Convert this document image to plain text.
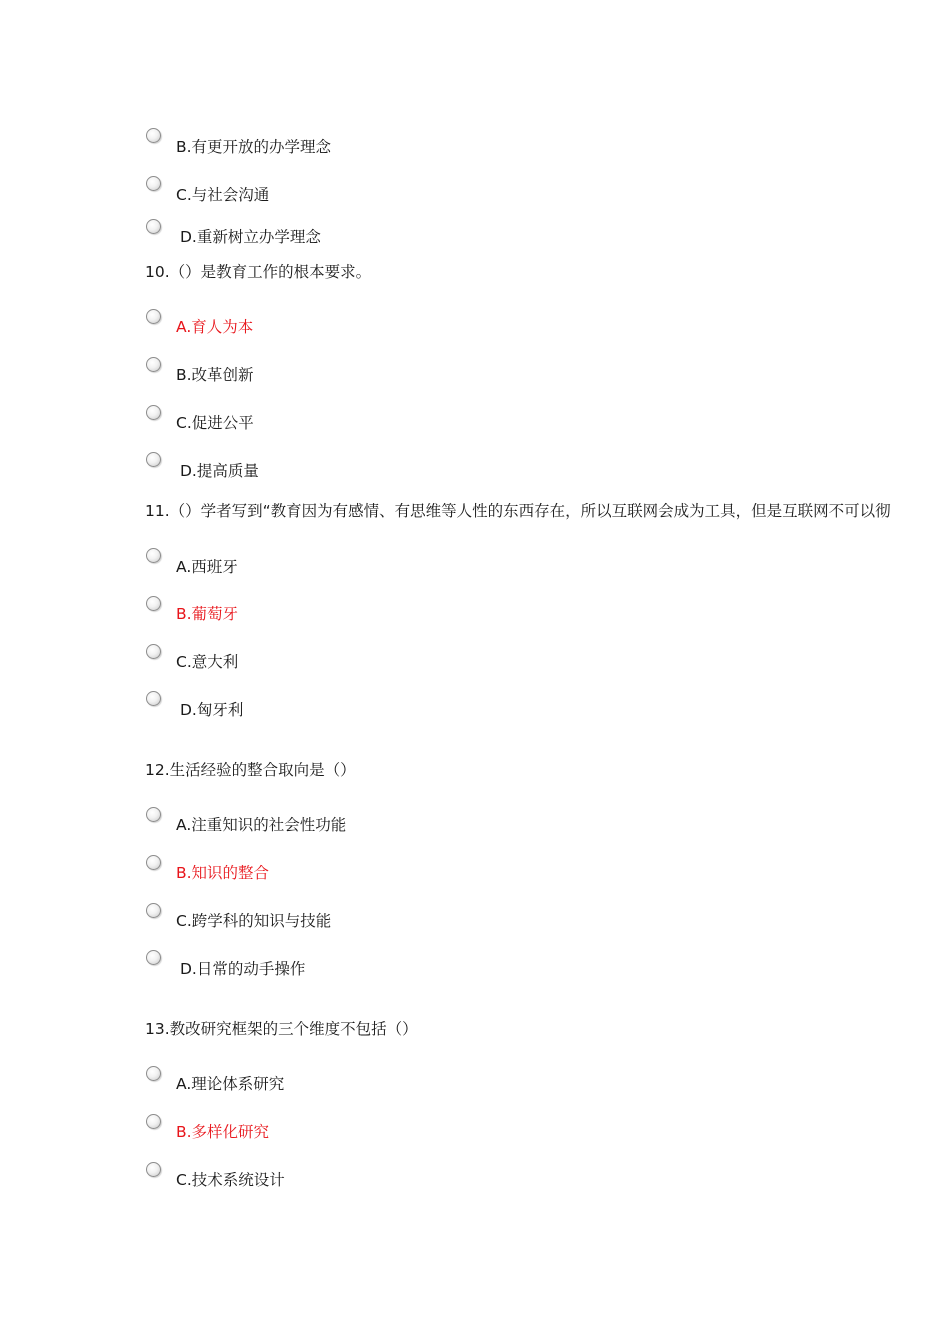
B.有更开放的办学理念
C.与社会沟通
D.重新树立办学理念
10.（）是教育工作的根本要求。
A.育人为本
B.改革创新
C.促进公平
D.提高质量
11.（）学者写到“教育因为有感情、有思维等人性的东西存在，所以互联网会成为工具，但是互联网不可以彻
A.西班牙
B.葡萄牙
C.意大利
D.匈牙利
12.生活经验的整合取向是（）
A.注重知识的社会性功能
B.知识的整合
C.跨学科的知识与技能
D.日常的动手操作
13.教改研究框架的三个维度不包括（）
A.理论体系研究
B.多样化研究
C.技术系统设计
